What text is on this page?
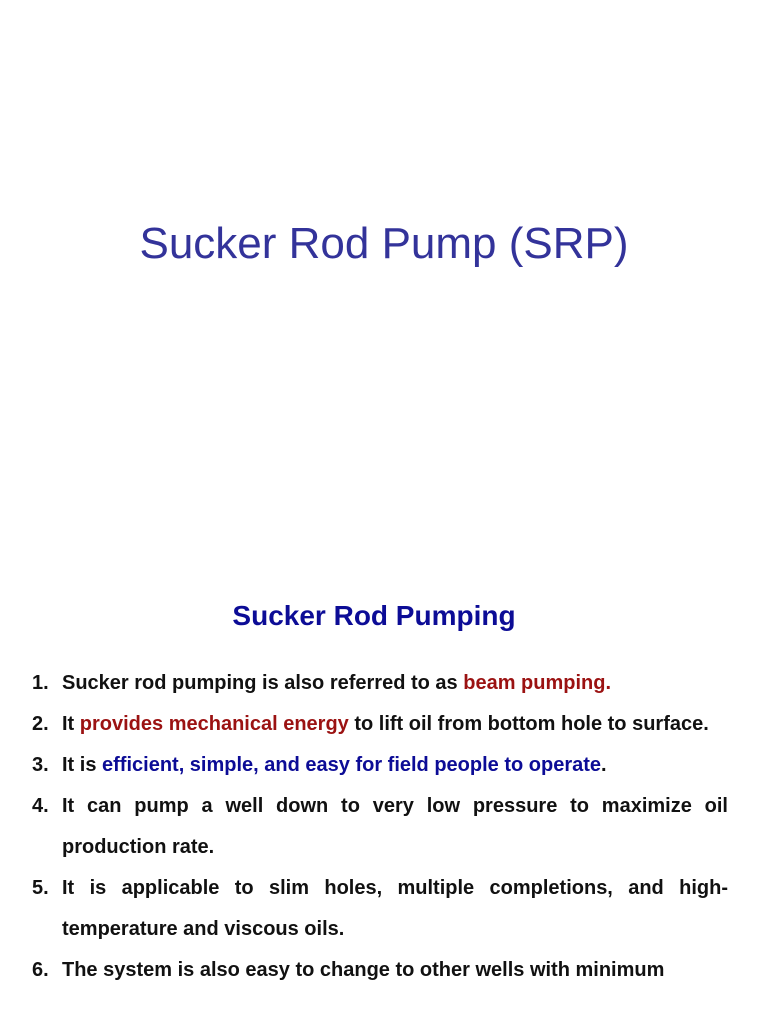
Sucker Rod Pump (SRP)
Sucker Rod Pumping
1. Sucker rod pumping is also referred to as beam pumping.
2. It provides mechanical energy to lift oil from bottom hole to surface.
3. It is efficient, simple, and easy for field people to operate.
4. It can pump a well down to very low pressure to maximize oil production rate.
5. It is applicable to slim holes, multiple completions, and high-temperature and viscous oils.
6. The system is also easy to change to other wells with minimum
